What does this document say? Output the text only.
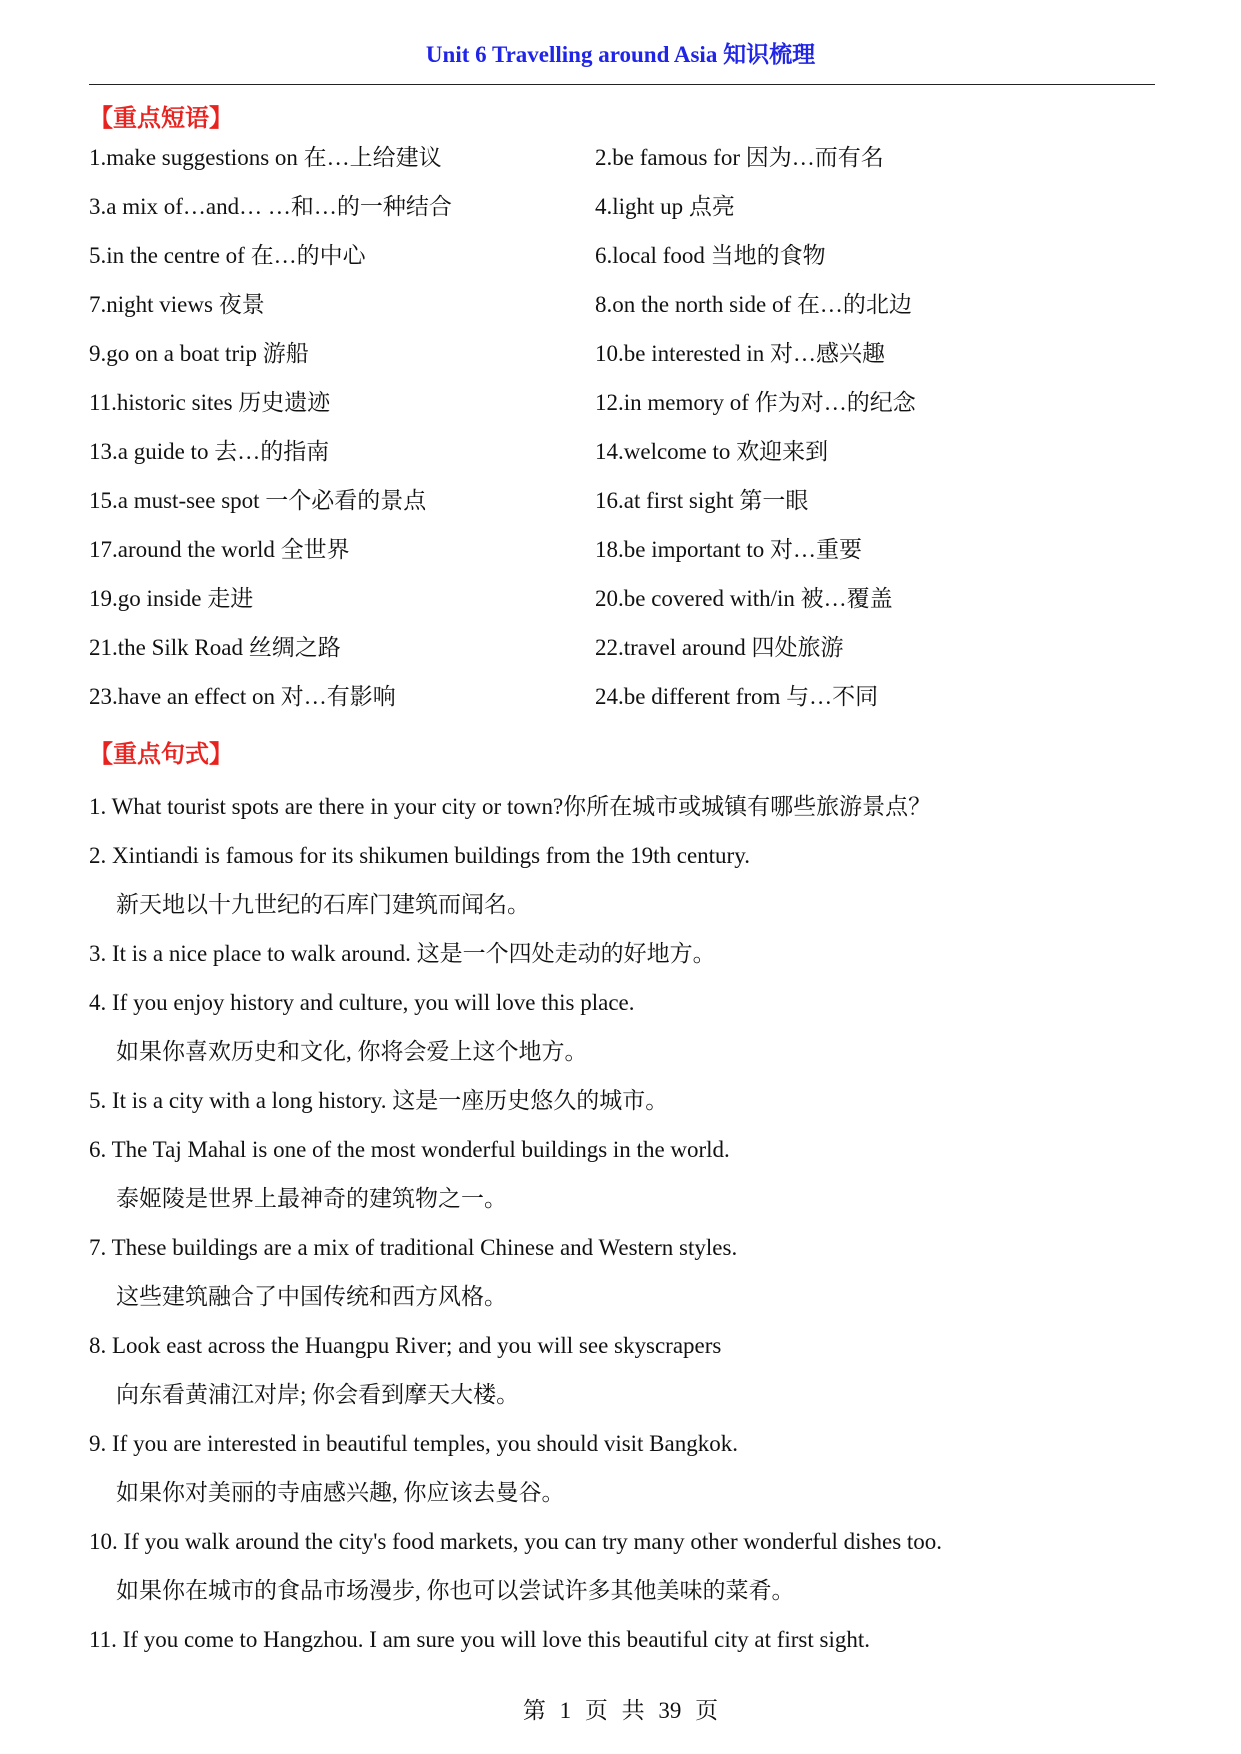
Unit 6 Travelling around Asia 知识梳理
【重点短语】
1.make suggestions on 在…上给建议	2.be famous for 因为…而有名
3.a mix of…and… …和…的一种结合	4.light up 点亮
5.in the centre of 在…的中心	6.local food 当地的食物
7.night views 夜景	8.on the north side of 在…的北边
9.go on a boat trip 游船	10.be interested in 对…感兴趣
11.historic sites 历史遗迹	12.in memory of 作为对…的纪念
13.a guide to 去…的指南	14.welcome to 欢迎来到
15.a must-see spot 一个必看的景点	16.at first sight 第一眼
17.around the world 全世界	18.be important to 对…重要
19.go inside 走进	20.be covered with/in 被…覆盖
21.the Silk Road 丝绸之路	22.travel around 四处旅游
23.have an effect on 对…有影响	24.be different from 与…不同
【重点句式】
1. What tourist spots are there in your city or town?你所在城市或城镇有哪些旅游景点？
2. Xintiandi is famous for its shikumen buildings from the 19th century.
新天地以十九世纪的石库门建筑而闻名。
3. It is a nice place to walk around. 这是一个四处走动的好地方。
4. If you enjoy history and culture, you will love this place.
如果你喜欢历史和文化, 你将会爱上这个地方。
5. It is a city with a long history. 这是一座历史悠久的城市。
6. The Taj Mahal is one of the most wonderful buildings in the world.
泰姬陵是世界上最神奇的建筑物之一。
7. These buildings are a mix of traditional Chinese and Western styles.
这些建筑融合了中国传统和西方风格。
8. Look east across the Huangpu River; and you will see skyscrapers
向东看黄浦江对岸; 你会看到摩天大楼。
9. If you are interested in beautiful temples, you should visit Bangkok.
如果你对美丽的寺庙感兴趣, 你应该去曼谷。
10. If you walk around the city's food markets, you can try many other wonderful dishes too.
如果你在城市的食品市场漫步, 你也可以尝试许多其他美味的菜肴。
11. If you come to Hangzhou. I am sure you will love this beautiful city at first sight.
第 1 页 共 39 页
